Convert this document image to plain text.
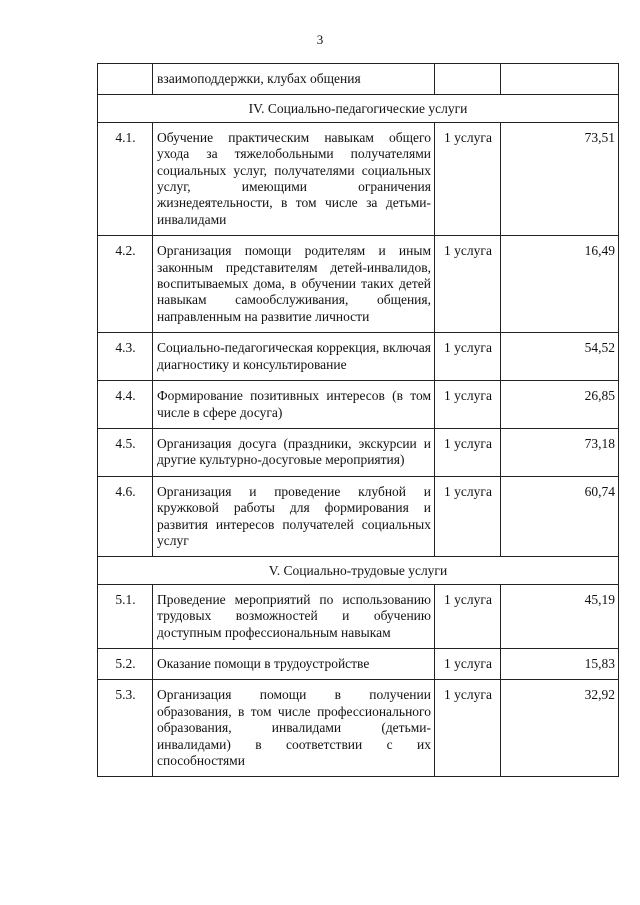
3
	взаимоподдержки, клубах общения		
IV. Социально-педагогические услуги			
4.1.	Обучение практическим навыкам общего ухода за тяжелобольными получателями социальных услуг, получателями социальных услуг, имеющими ограничения жизнедеятельности, в том числе за детьми-инвалидами	1 услуга	73,51
4.2.	Организация помощи родителям и иным законным представителям детей-инвалидов, воспитываемых дома, в обучении таких детей навыкам самообслуживания, общения, направленным на развитие личности	1 услуга	16,49
4.3.	Социально-педагогическая коррекция, включая диагностику и консультирование	1 услуга	54,52
4.4.	Формирование позитивных интересов (в том числе в сфере досуга)	1 услуга	26,85
4.5.	Организация досуга (праздники, экскурсии и другие культурно-досуговые мероприятия)	1 услуга	73,18
4.6.	Организация и проведение клубной и кружковой работы для формирования и развития интересов получателей социальных услуг	1 услуга	60,74
V. Социально-трудовые услуги			
5.1.	Проведение мероприятий по использованию трудовых возможностей и обучению доступным профессиональным навыкам	1 услуга	45,19
5.2.	Оказание помощи в трудоустройстве	1 услуга	15,83
5.3.	Организация помощи в получении образования, в том числе профессионального образования, инвалидами (детьми-инвалидами) в соответствии с их способностями	1 услуга	32,92
